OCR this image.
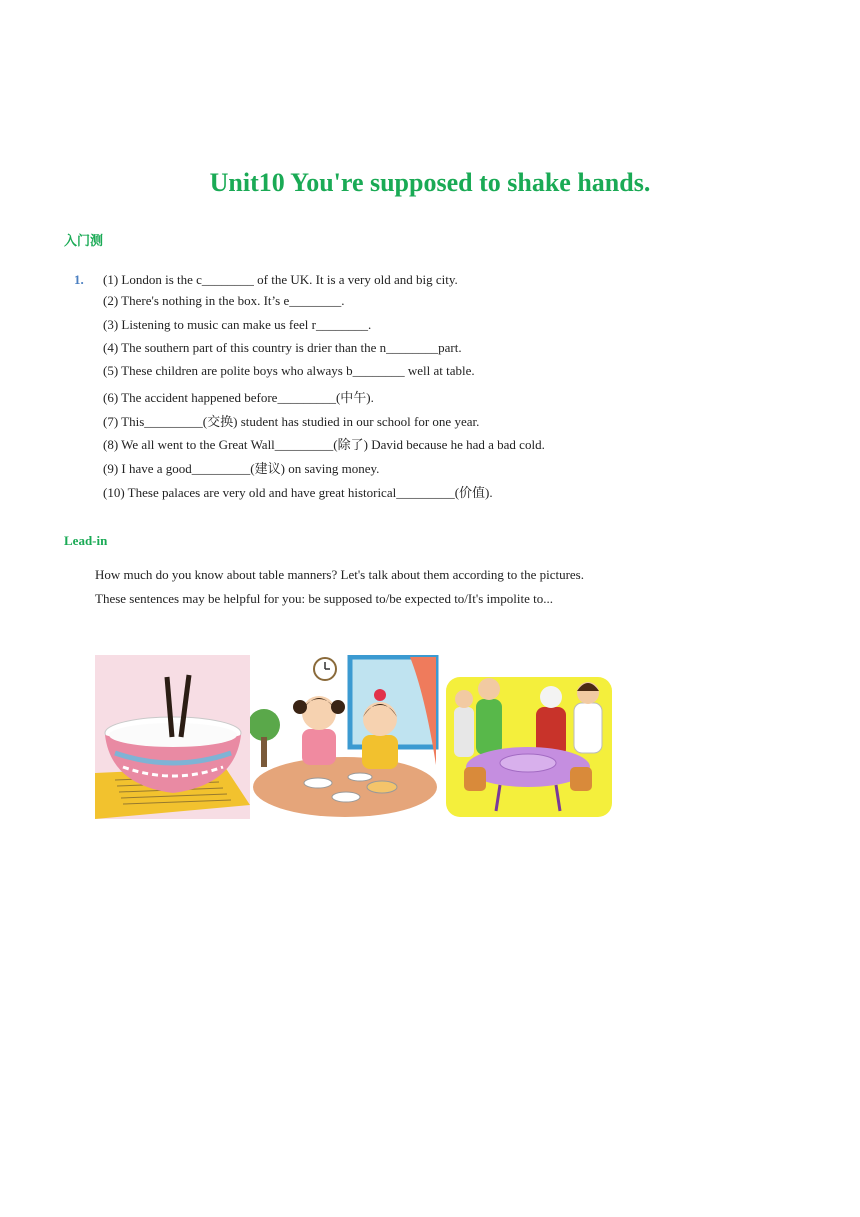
Unit10 You're supposed to shake hands.
入门测
1. (1) London is the c________ of the UK. It is a very old and big city.
(2) There's nothing in the box. It’s e________.
(3) Listening to music can make us feel r________.
(4) The southern part of this country is drier than the n________part.
(5) These children are polite boys who always b________ well at table.
(6) The accident happened before_________(中午).
(7) This_________(交换) student has studied in our school for one year.
(8) We all went to the Great Wall_________(除了) David because he had a bad cold.
(9) I have a good_________(建议) on saving money.
(10) These palaces are very old and have great historical_________(价值).
Lead-in
How much do you know about table manners? Let's talk about them according to the pictures.
These sentences may be helpful for you: be supposed to/be expected to/It's impolite to...
